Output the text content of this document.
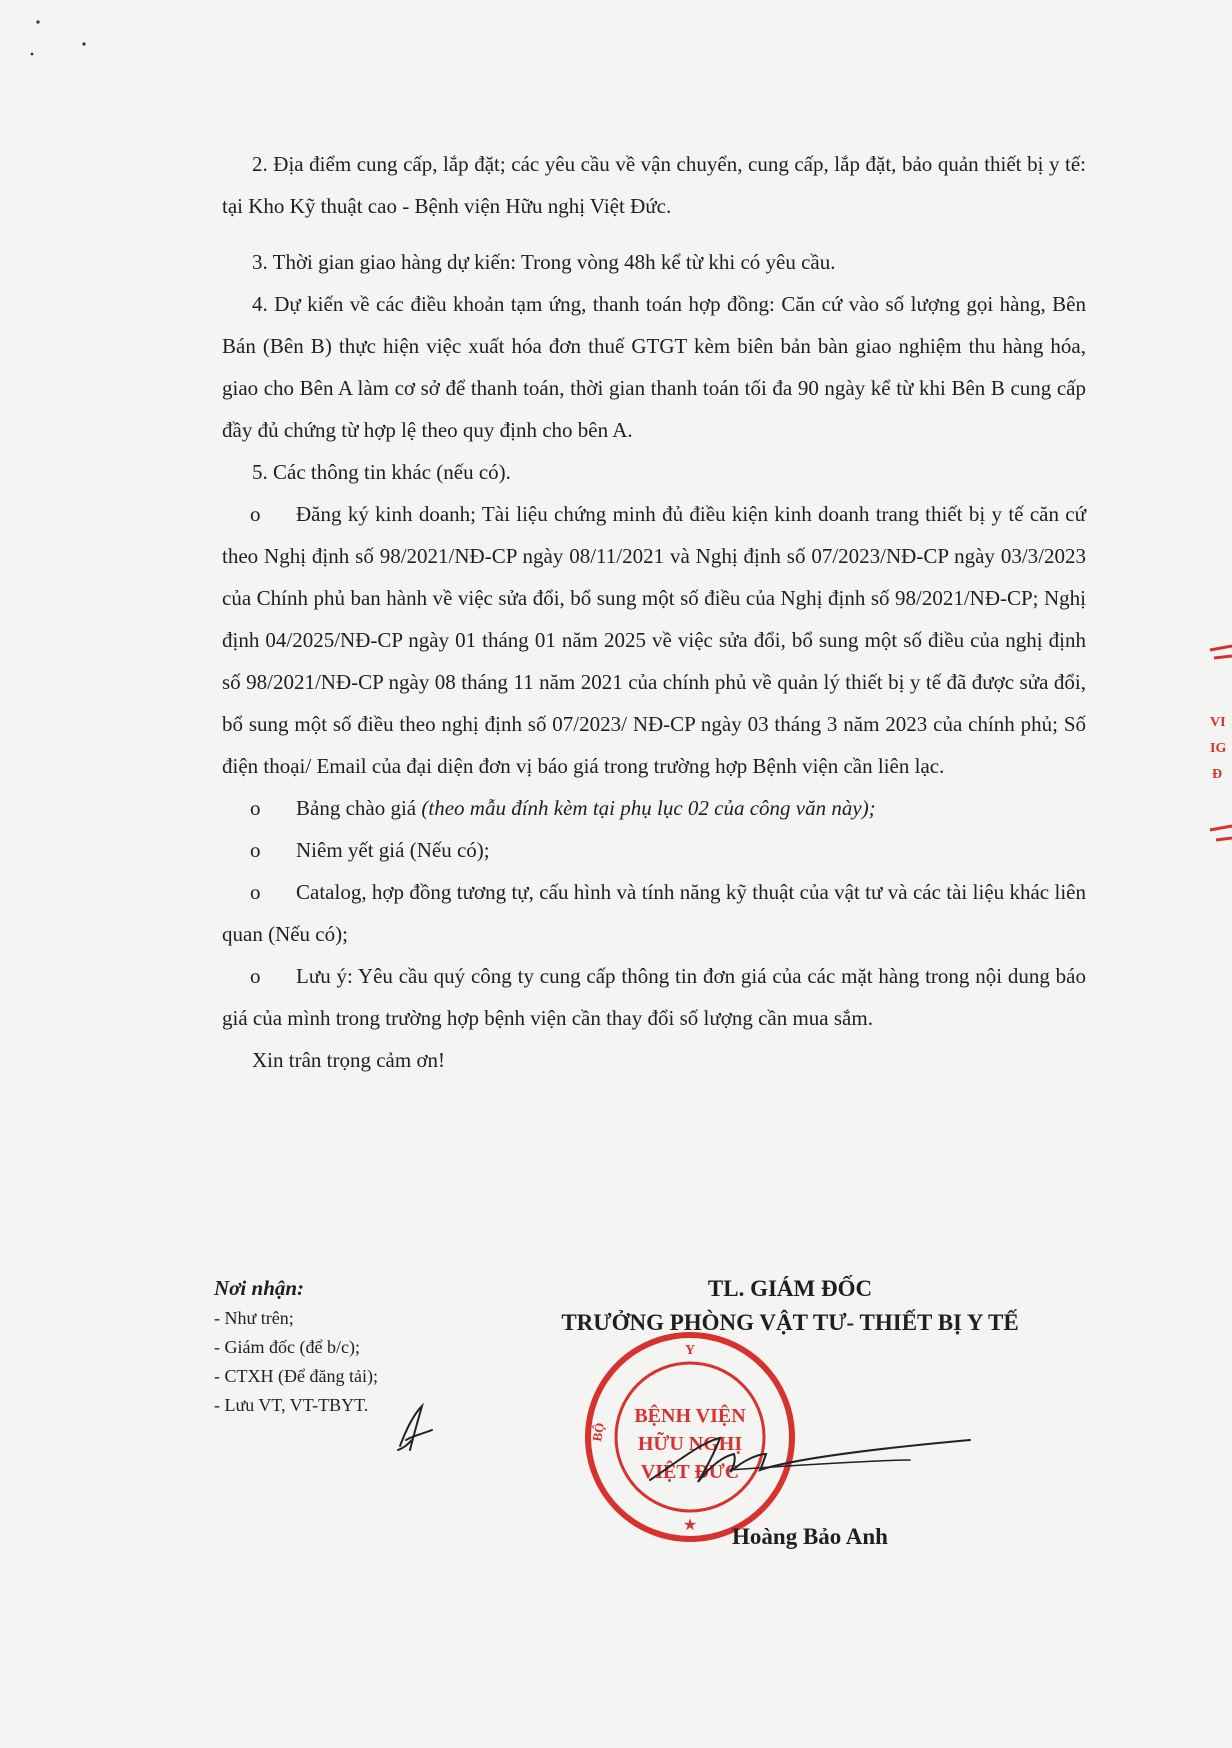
2. Địa điểm cung cấp, lắp đặt; các yêu cầu về vận chuyển, cung cấp, lắp đặt, bảo quản thiết bị y tế: tại Kho Kỹ thuật cao - Bệnh viện Hữu nghị Việt Đức.

3. Thời gian giao hàng dự kiến: Trong vòng 48h kể từ khi có yêu cầu.

4. Dự kiến về các điều khoản tạm ứng, thanh toán hợp đồng: Căn cứ vào số lượng gọi hàng, Bên Bán (Bên B) thực hiện việc xuất hóa đơn thuế GTGT kèm biên bản bàn giao nghiệm thu hàng hóa, giao cho Bên A làm cơ sở để thanh toán, thời gian thanh toán tối đa 90 ngày kể từ khi Bên B cung cấp đầy đủ chứng từ hợp lệ theo quy định cho bên A.

5. Các thông tin khác (nếu có).

o Đăng ký kinh doanh; Tài liệu chứng minh đủ điều kiện kinh doanh trang thiết bị y tế căn cứ theo Nghị định số 98/2021/NĐ-CP ngày 08/11/2021 và Nghị định số 07/2023/NĐ-CP ngày 03/3/2023 của Chính phủ ban hành về việc sửa đổi, bổ sung một số điều của Nghị định số 98/2021/NĐ-CP; Nghị định 04/2025/NĐ-CP ngày 01 tháng 01 năm 2025 về việc sửa đổi, bổ sung một số điều của nghị định số 98/2021/NĐ-CP ngày 08 tháng 11 năm 2021 của chính phủ về quản lý thiết bị y tế đã được sửa đổi, bổ sung một số điều theo nghị định số 07/2023/ NĐ-CP ngày 03 tháng 3 năm 2023 của chính phủ; Số điện thoại/ Email của đại diện đơn vị báo giá trong trường hợp Bệnh viện cần liên lạc.

o Bảng chào giá (theo mẫu đính kèm tại phụ lục 02 của công văn này);

o Niêm yết giá (Nếu có);

o Catalog, hợp đồng tương tự, cấu hình và tính năng kỹ thuật của vật tư và các tài liệu khác liên quan (Nếu có);

o Lưu ý: Yêu cầu quý công ty cung cấp thông tin đơn giá của các mặt hàng trong nội dung báo giá của mình trong trường hợp bệnh viện cần thay đổi số lượng cần mua sắm.

Xin trân trọng cảm ơn!

Nơi nhận:
- Như trên;
- Giám đốc (để b/c);
- CTXH (Để đăng tải);
- Lưu VT, VT-TBYT.
TL. GIÁM ĐỐC
TRƯỞNG PHÒNG VẬT TƯ- THIẾT BỊ Y TẾ
Y
BỘ
★
BỆNH VIỆN
HỮU NGHỊ
VIỆT ĐỨC
Hoàng Bảo Anh
VI
IG
Đ
